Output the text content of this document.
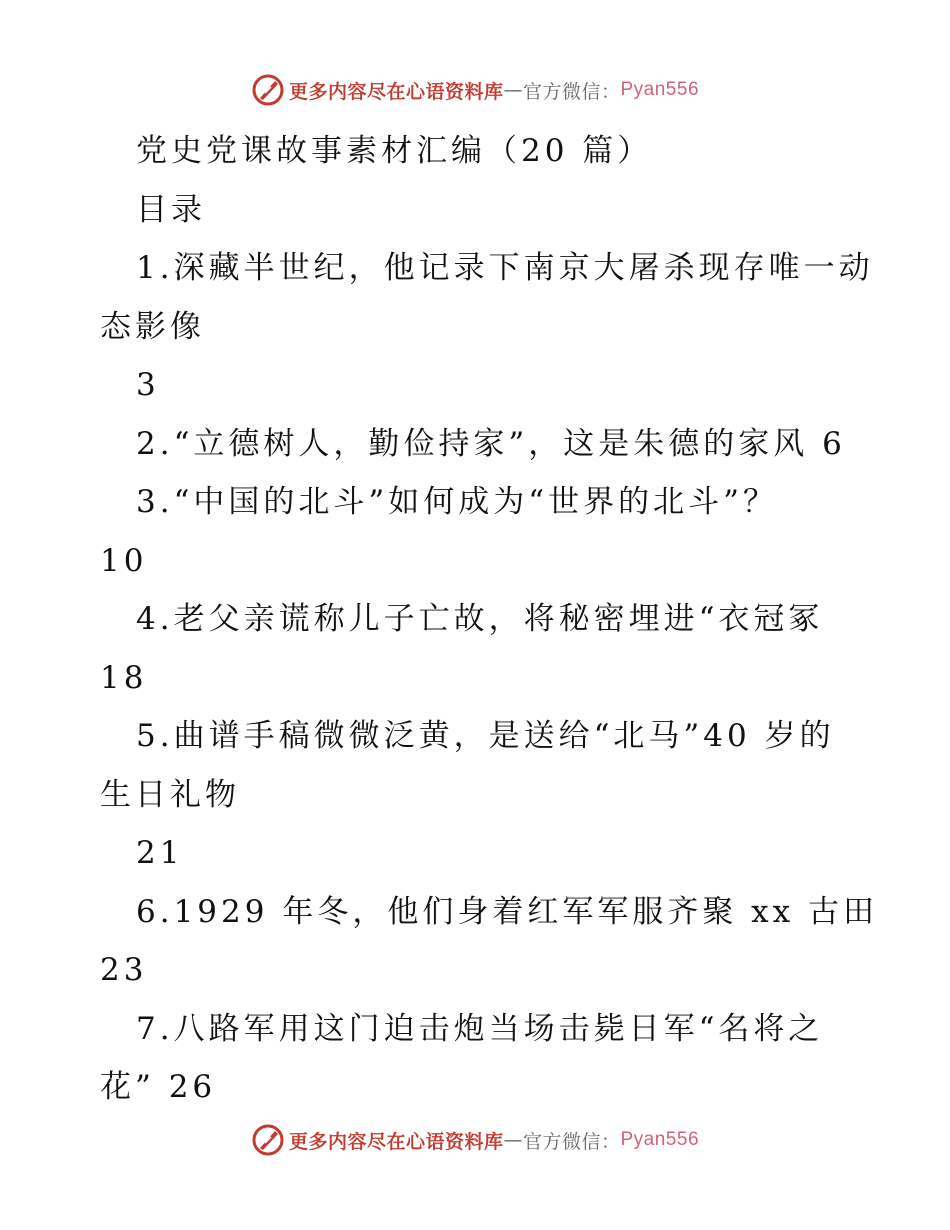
更多内容尽在心语资料库 — 官方微信： Pyan556
党史党课故事素材汇编（20 篇）
目录
1.深藏半世纪，他记录下南京大屠杀现存唯一动
态影像
3
2.“立德树人，勤俭持家”，这是朱德的家风 6
3.“中国的北斗”如何成为“世界的北斗”？
10
4.老父亲谎称儿子亡故，将秘密埋进“衣冠冢
18
5.曲谱手稿微微泛黄，是送给“北马”40 岁的
生日礼物
21
6.1929 年冬，他们身着红军军服齐聚 xx 古田
23
7.八路军用这门迫击炮当场击毙日军“名将之
花” 26
更多内容尽在心语资料库 — 官方微信： Pyan556
